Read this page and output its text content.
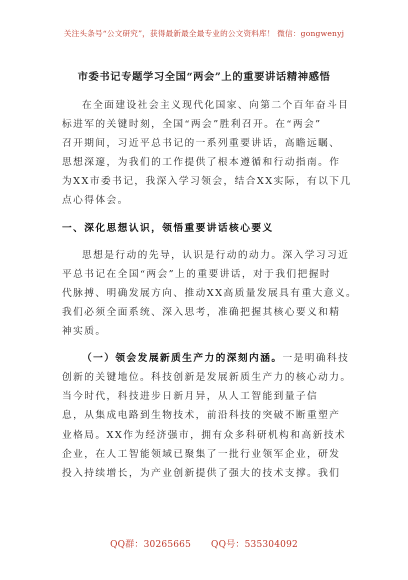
关注头条号“公文研究”，获得最新最全最专业的公文资料库！ 微信：gongwenyj
市委书记专题学习全国“两会”上的重要讲话精神感悟
在全面建设社会主义现代化国家、向第二个百年奋斗目
标进军的关键时刻，全国“两会”胜利召开。在“两会”
召开期间，习近平总书记的一系列重要讲话，高瞻远瞩、
思想深邃，为我们的工作提供了根本遵循和行动指南。作
为XX市委书记，我深入学习领会，结合XX实际，有以下几
点心得体会。
一、深化思想认识，领悟重要讲话核心要义
思想是行动的先导，认识是行动的动力。深入学习习近
平总书记在全国“两会”上的重要讲话，对于我们把握时
代脉搏、明确发展方向、推动XX高质量发展具有重大意义。
我们必须全面系统、深入思考，准确把握其核心要义和精
神实质。
（一）领会发展新质生产力的深刻内涵。一是明确科技
创新的关键地位。科技创新是发展新质生产力的核心动力。
当今时代，科技进步日新月异，从人工智能到量子信
息，从集成电路到生物技术，前沿科技的突破不断重塑产
业格局。XX作为经济强市，拥有众多科研机构和高新技术
企业，在人工智能领域已聚集了一批行业领军企业，研发
投入持续增长，为产业创新提供了强大的技术支撑。我们
QQ群：30265665 QQ号：535304092
